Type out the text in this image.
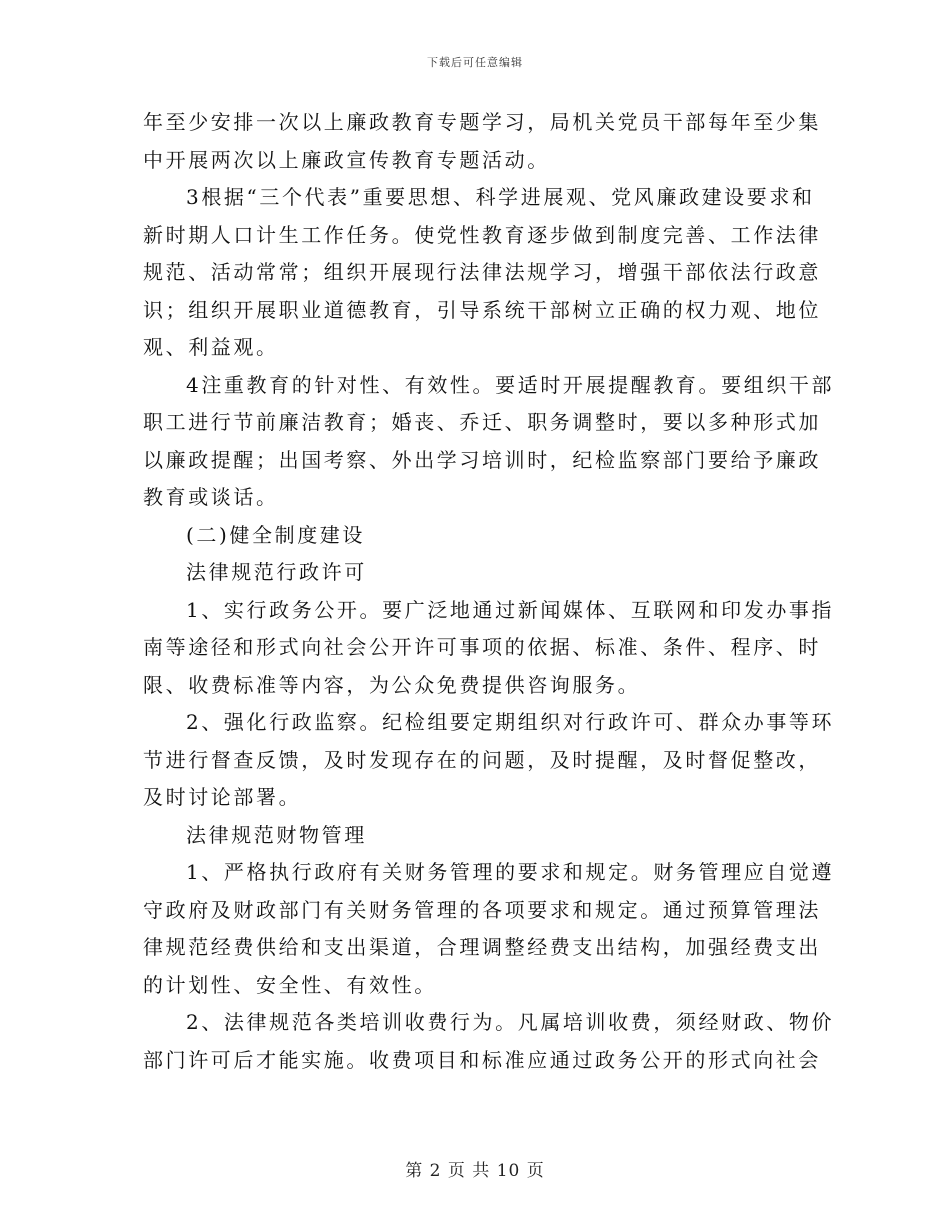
下载后可任意编辑
年至少安排一次以上廉政教育专题学习，局机关党员干部每年至少集
中开展两次以上廉政宣传教育专题活动。
3根据“三个代表”重要思想、科学进展观、党风廉政建设要求和
新时期人口计生工作任务。使党性教育逐步做到制度完善、工作法律
规范、活动常常；组织开展现行法律法规学习，增强干部依法行政意
识；组织开展职业道德教育，引导系统干部树立正确的权力观、地位
观、利益观。
4注重教育的针对性、有效性。要适时开展提醒教育。要组织干部
职工进行节前廉洁教育；婚丧、乔迁、职务调整时，要以多种形式加
以廉政提醒；出国考察、外出学习培训时，纪检监察部门要给予廉政
教育或谈话。
(二)健全制度建设
法律规范行政许可
1、实行政务公开。要广泛地通过新闻媒体、互联网和印发办事指
南等途径和形式向社会公开许可事项的依据、标准、条件、程序、时
限、收费标准等内容，为公众免费提供咨询服务。
2、强化行政监察。纪检组要定期组织对行政许可、群众办事等环
节进行督查反馈，及时发现存在的问题，及时提醒，及时督促整改，
及时讨论部署。
法律规范财物管理
1、严格执行政府有关财务管理的要求和规定。财务管理应自觉遵
守政府及财政部门有关财务管理的各项要求和规定。通过预算管理法
律规范经费供给和支出渠道，合理调整经费支出结构，加强经费支出
的计划性、安全性、有效性。
2、法律规范各类培训收费行为。凡属培训收费，须经财政、物价
部门许可后才能实施。收费项目和标准应通过政务公开的形式向社会
第 2 页 共 10 页
